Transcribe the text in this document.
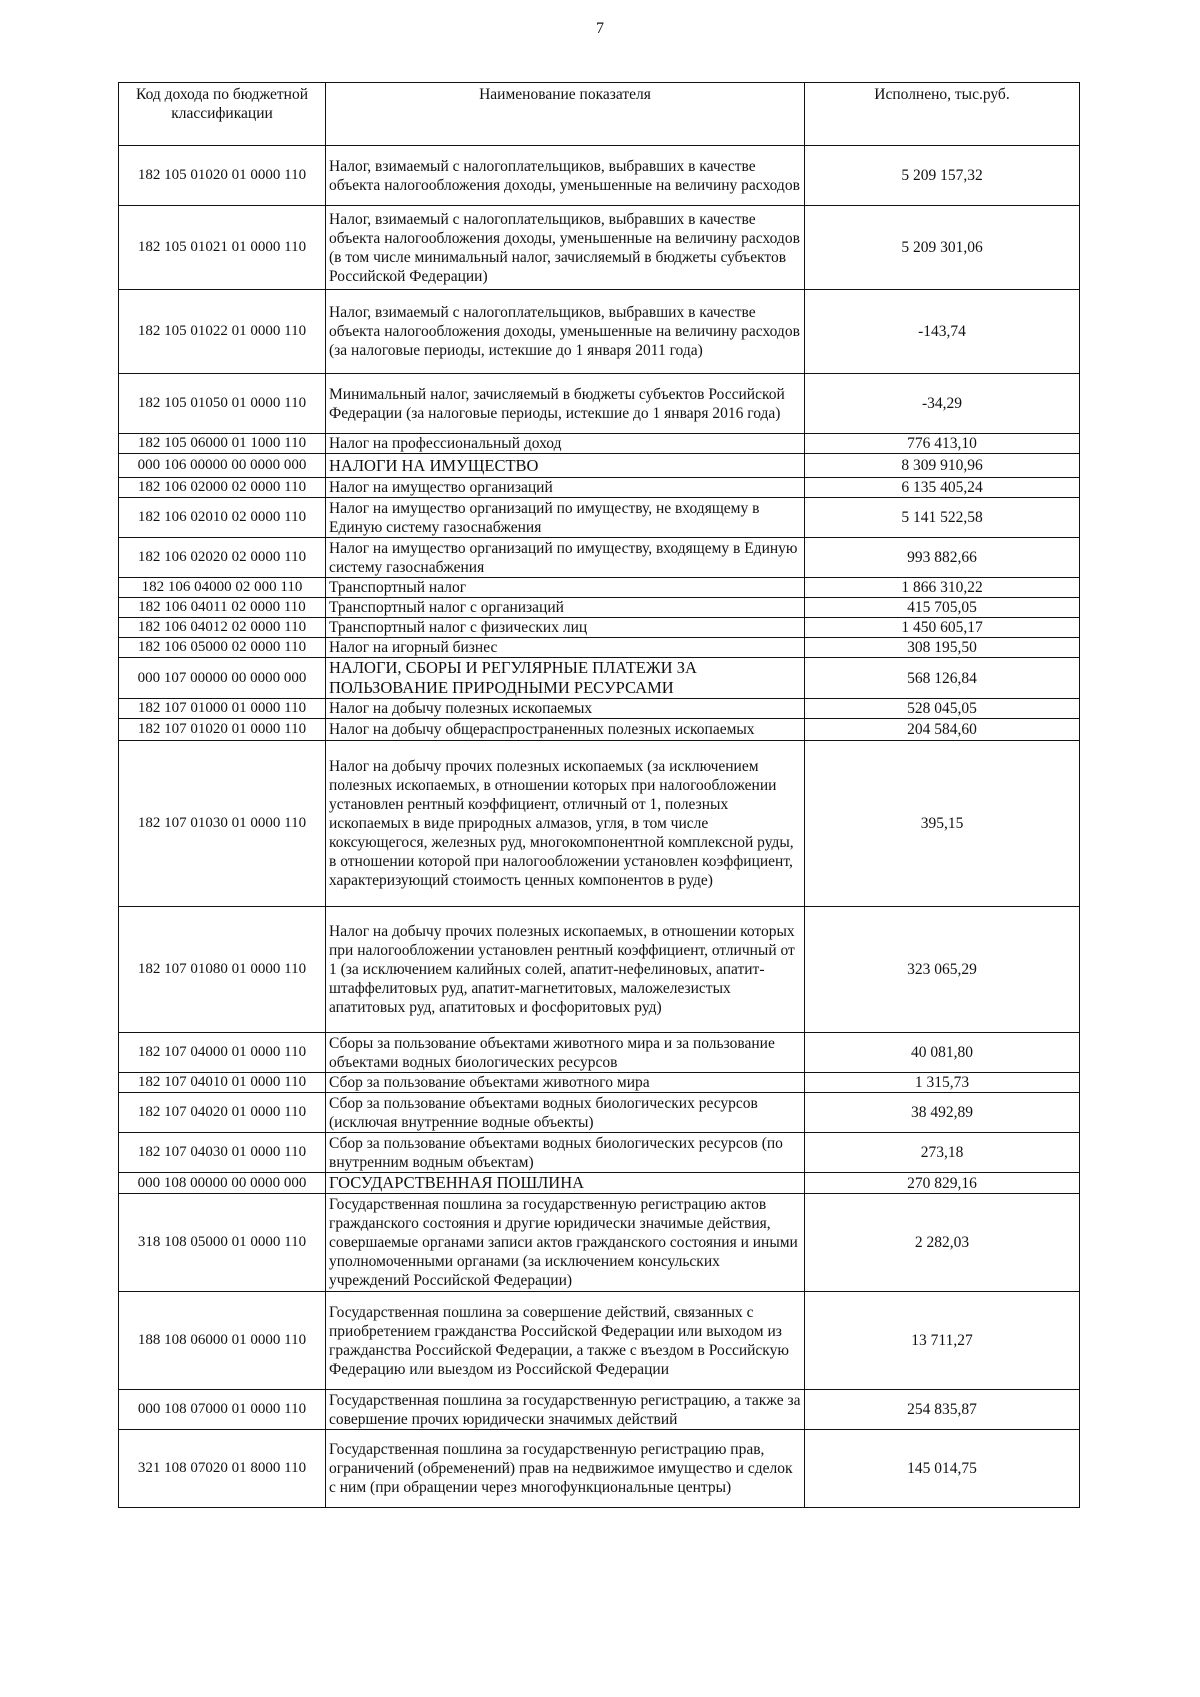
7
Код дохода по бюджетной классификации	Наименование показателя	Исполнено, тыс.руб.
182 105 01020 01 0000 110	Налог, взимаемый с налогоплательщиков, выбравших в качестве объекта налогообложения доходы, уменьшенные на величину расходов	5 209 157,32
182 105 01021 01 0000 110	Налог, взимаемый с налогоплательщиков, выбравших в качестве объекта налогообложения доходы, уменьшенные на величину расходов (в том числе минимальный налог, зачисляемый в бюджеты субъектов Российской Федерации)	5 209 301,06
182 105 01022 01 0000 110	Налог, взимаемый с налогоплательщиков, выбравших в качестве объекта налогообложения доходы, уменьшенные на величину расходов (за налоговые периоды, истекшие до 1 января 2011 года)	-143,74
182 105 01050 01 0000 110	Минимальный налог, зачисляемый в бюджеты субъектов Российской Федерации (за налоговые периоды, истекшие до 1 января 2016 года)	-34,29
182 105 06000 01 1000 110	Налог на профессиональный доход	776 413,10
000 106 00000 00 0000 000	НАЛОГИ НА ИМУЩЕСТВО	8 309 910,96
182 106 02000 02 0000 110	Налог на имущество организаций	6 135 405,24
182 106 02010 02 0000 110	Налог на имущество организаций по имуществу, не входящему в Единую систему газоснабжения	5 141 522,58
182 106 02020 02 0000 110	Налог на имущество организаций по имуществу, входящему в Единую систему газоснабжения	993 882,66
182 106 04000 02 000 110	Транспортный налог	1 866 310,22
182 106 04011 02 0000 110	Транспортный налог с организаций	415 705,05
182 106 04012 02 0000 110	Транспортный налог с физических лиц	1 450 605,17
182 106 05000 02 0000 110	Налог на игорный бизнес	308 195,50
000 107 00000 00 0000 000	НАЛОГИ, СБОРЫ И РЕГУЛЯРНЫЕ ПЛАТЕЖИ ЗА ПОЛЬЗОВАНИЕ ПРИРОДНЫМИ РЕСУРСАМИ	568 126,84
182 107 01000 01 0000 110	Налог на добычу полезных ископаемых	528 045,05
182 107 01020 01 0000 110	Налог на добычу общераспространенных полезных ископаемых	204 584,60
182 107 01030 01 0000 110	Налог на добычу прочих полезных ископаемых (за исключением полезных ископаемых, в отношении которых при налогообложении установлен рентный коэффициент, отличный от 1, полезных ископаемых в виде природных алмазов, угля, в том числе коксующегося, железных руд, многокомпонентной комплексной руды, в отношении которой при налогообложении установлен коэффициент, характеризующий стоимость ценных компонентов в руде)	395,15
182 107 01080 01 0000 110	Налог на добычу прочих полезных ископаемых, в отношении которых при налогообложении установлен рентный коэффициент, отличный от 1 (за исключением калийных солей, апатит-нефелиновых, апатит-штаффелитовых руд, апатит-магнетитовых, маложелезистых апатитовых руд, апатитовых и фосфоритовых руд)	323 065,29
182 107 04000 01 0000 110	Сборы за пользование объектами животного мира и за пользование объектами водных биологических ресурсов	40 081,80
182 107 04010 01 0000 110	Сбор за пользование объектами животного мира	1 315,73
182 107 04020 01 0000 110	Сбор за пользование объектами водных биологических ресурсов (исключая внутренние водные объекты)	38 492,89
182 107 04030 01 0000 110	Сбор за пользование объектами водных биологических ресурсов (по внутренним водным объектам)	273,18
000 108 00000 00 0000 000	ГОСУДАРСТВЕННАЯ ПОШЛИНА	270 829,16
318 108 05000 01 0000 110	Государственная пошлина за государственную регистрацию актов гражданского состояния и другие юридически значимые действия, совершаемые органами записи актов гражданского состояния и иными уполномоченными органами (за исключением консульских учреждений Российской Федерации)	2 282,03
188 108 06000 01 0000 110	Государственная пошлина за совершение действий, связанных с приобретением гражданства Российской Федерации или выходом из гражданства Российской Федерации, а также с въездом в Российскую Федерацию или выездом из Российской Федерации	13 711,27
000 108 07000 01 0000 110	Государственная пошлина за государственную регистрацию, а также за совершение прочих юридически значимых действий	254 835,87
321 108 07020 01 8000 110	Государственная пошлина за государственную регистрацию прав, ограничений (обременений) прав на недвижимое имущество и сделок с ним (при обращении через многофункциональные центры)	145 014,75
